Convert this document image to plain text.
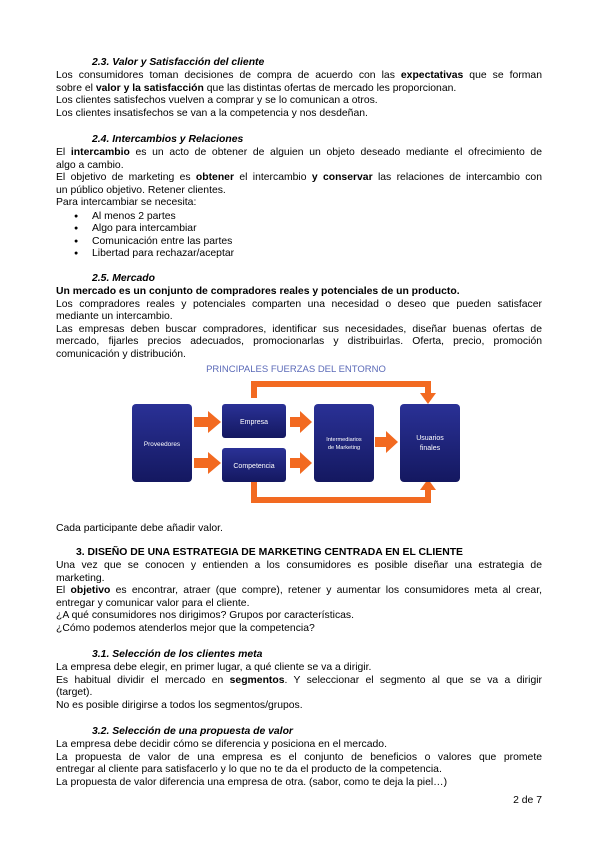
2.3. Valor y Satisfacción del cliente
Los consumidores toman decisiones de compra de acuerdo con las expectativas que se forman
sobre el valor y la satisfacción que las distintas ofertas de mercado les proporcionan.
Los clientes satisfechos vuelven a comprar y se lo comunican a otros.
Los clientes insatisfechos se van a la competencia y nos desdeñan.
2.4. Intercambios y Relaciones
El intercambio es un acto de obtener de alguien un objeto deseado mediante el ofrecimiento de
algo a cambio.
El objetivo de marketing es obtener el intercambio y conservar las relaciones de intercambio con
un público objetivo. Retener clientes.
Para intercambiar se necesita:
● Al menos 2 partes
● Algo para intercambiar
● Comunicación entre las partes
● Libertad para rechazar/aceptar
2.5. Mercado
Un mercado es un conjunto de compradores reales y potenciales de un producto.
Los compradores reales y potenciales comparten una necesidad o deseo que pueden satisfacer
mediante un intercambio.
Las empresas deben buscar compradores, identificar sus necesidades, diseñar buenas ofertas de
mercado, fijarles precios adecuados, promocionarlas y distribuirlas. Oferta, precio, promoción
comunicación y distribución.
PRINCIPALES FUERZAS DEL ENTORNO
Proveedores
Empresa
Competencia
Intermediarios
de Marketing
Usuarios
finales
Cada participante debe añadir valor.
3. DISEÑO DE UNA ESTRATEGIA DE MARKETING CENTRADA EN EL CLIENTE
Una vez que se conocen y entienden a los consumidores es posible diseñar una estrategia de
marketing.
El objetivo es encontrar, atraer (que compre), retener y aumentar los consumidores meta al crear,
entregar y comunicar valor para el cliente.
¿A qué consumidores nos dirigimos? Grupos por características.
¿Cómo podemos atenderlos mejor que la competencia?
3.1. Selección de los clientes meta
La empresa debe elegir, en primer lugar, a qué cliente se va a dirigir.
Es habitual dividir el mercado en segmentos. Y seleccionar el segmento al que se va a dirigir
(target).
No es posible dirigirse a todos los segmentos/grupos.
3.2. Selección de una propuesta de valor
La empresa debe decidir cómo se diferencia y posiciona en el mercado.
La propuesta de valor de una empresa es el conjunto de beneficios o valores que promete
entregar al cliente para satisfacerlo y lo que no te da el producto de la competencia.
La propuesta de valor diferencia una empresa de otra. (sabor, como te deja la piel…)
2 de 7
